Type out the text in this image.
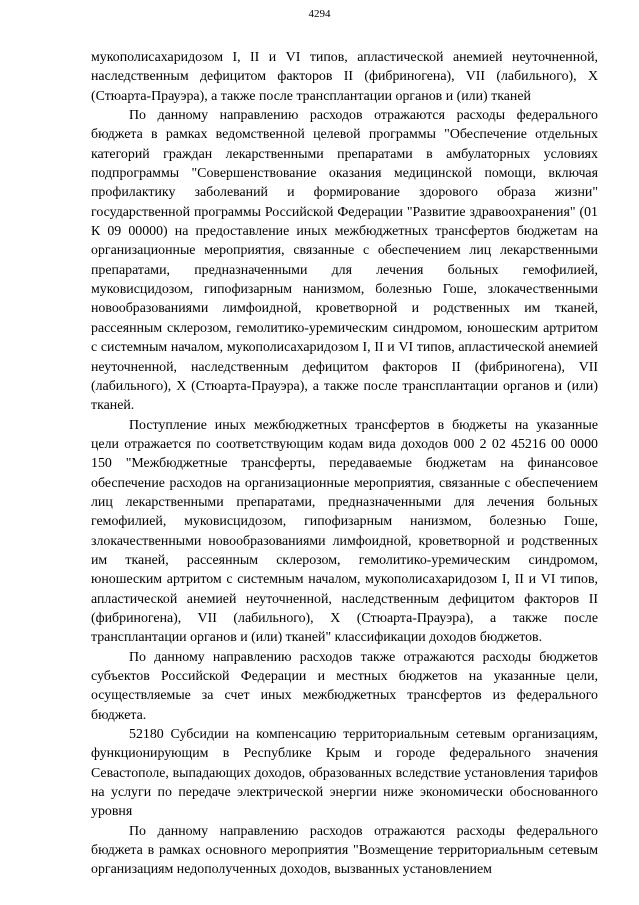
4294

мукополисахаридозом I, II и VI типов, апластической анемией неуточненной, наследственным дефицитом факторов II (фибриногена), VII (лабильного), X (Стюарта-Прауэра), а также после трансплантации органов и (или) тканей

По данному направлению расходов отражаются расходы федерального бюджета в рамках ведомственной целевой программы "Обеспечение отдельных категорий граждан лекарственными препаратами в амбулаторных условиях подпрограммы "Совершенствование оказания медицинской помощи, включая профилактику заболеваний и формирование здорового образа жизни" государственной программы Российской Федерации "Развитие здравоохранения" (01 К 09 00000) на предоставление иных межбюджетных трансфертов бюджетам на организационные мероприятия, связанные с обеспечением лиц лекарственными препаратами, предназначенными для лечения больных гемофилией, муковисцидозом, гипофизарным нанизмом, болезнью Гоше, злокачественными новообразованиями лимфоидной, кроветворной и родственных им тканей, рассеянным склерозом, гемолитико-уремическим синдромом, юношеским артритом с системным началом, мукополисахаридозом I, II и VI типов, апластической анемией неуточненной, наследственным дефицитом факторов II (фибриногена), VII (лабильного), X (Стюарта-Прауэра), а также после трансплантации органов и (или) тканей.

Поступление иных межбюджетных трансфертов в бюджеты на указанные цели отражается по соответствующим кодам вида доходов 000 2 02 45216 00 0000 150 "Межбюджетные трансферты, передаваемые бюджетам на финансовое обеспечение расходов на организационные мероприятия, связанные с обеспечением лиц лекарственными препаратами, предназначенными для лечения больных гемофилией, муковисцидозом, гипофизарным нанизмом, болезнью Гоше, злокачественными новообразованиями лимфоидной, кроветворной и родственных им тканей, рассеянным склерозом, гемолитико-уремическим синдромом, юношеским артритом с системным началом, мукополисахаридозом I, II и VI типов, апластической анемией неуточненной, наследственным дефицитом факторов II (фибриногена), VII (лабильного), X (Стюарта-Прауэра), а также после трансплантации органов и (или) тканей" классификации доходов бюджетов.

По данному направлению расходов также отражаются расходы бюджетов субъектов Российской Федерации и местных бюджетов на указанные цели, осуществляемые за счет иных межбюджетных трансфертов из федерального бюджета.

52180 Субсидии на компенсацию территориальным сетевым организациям, функционирующим в Республике Крым и городе федерального значения Севастополе, выпадающих доходов, образованных вследствие установления тарифов на услуги по передаче электрической энергии ниже экономически обоснованного уровня

По данному направлению расходов отражаются расходы федерального бюджета в рамках основного мероприятия "Возмещение территориальным сетевым организациям недополученных доходов, вызванных установлением
